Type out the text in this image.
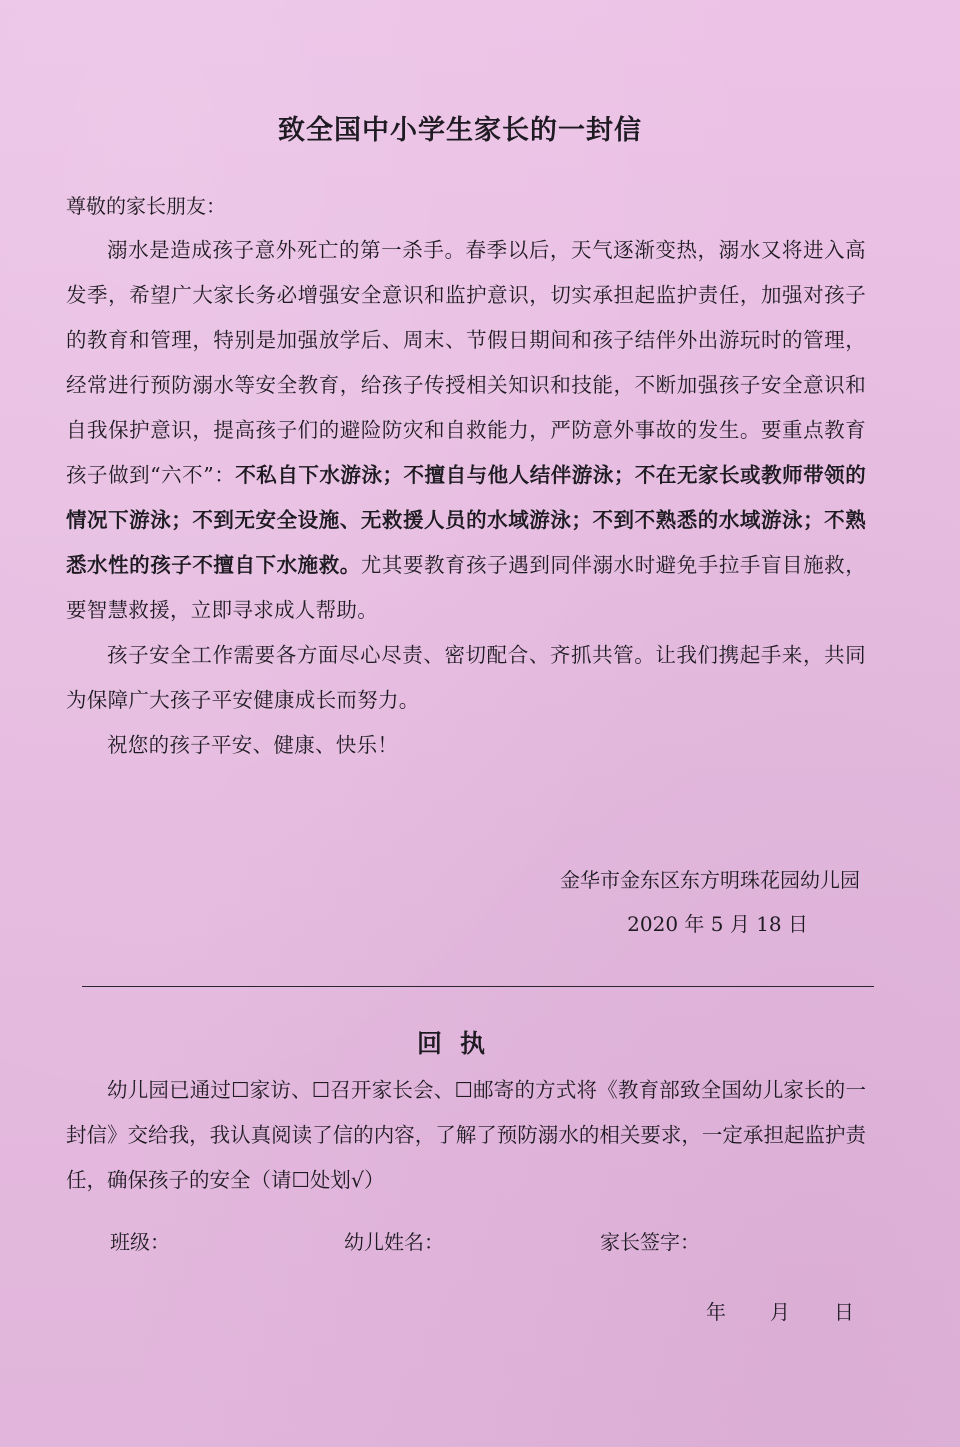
致全国中小学生家长的一封信
尊敬的家长朋友：

溺水是造成孩子意外死亡的第一杀手。春季以后，天气逐渐变热，溺水又将进入高发季，希望广大家长务必增强安全意识和监护意识，切实承担起监护责任，加强对孩子的教育和管理，特别是加强放学后、周末、节假日期间和孩子结伴外出游玩时的管理，经常进行预防溺水等安全教育，给孩子传授相关知识和技能，不断加强孩子安全意识和自我保护意识，提高孩子们的避险防灾和自救能力，严防意外事故的发生。要重点教育孩子做到“六不”：不私自下水游泳；不擅自与他人结伴游泳；不在无家长或教师带领的情况下游泳；不到无安全设施、无救援人员的水域游泳；不到不熟悉的水域游泳；不熟悉水性的孩子不擅自下水施救。尤其要教育孩子遇到同伴溺水时避免手拉手盲目施救，要智慧救援，立即寻求成人帮助。

孩子安全工作需要各方面尽心尽责、密切配合、齐抓共管。让我们携起手来，共同为保障广大孩子平安健康成长而努力。

祝您的孩子平安、健康、快乐！

金华市金东区东方明珠花园幼儿园
2020 年 5 月 18 日
回执

幼儿园已通过☐家访、☐召开家长会、☐邮寄的方式将《教育部致全国幼儿家长的一封信》交给我，我认真阅读了信的内容，了解了预防溺水的相关要求，一定承担起监护责任，确保孩子的安全（请☐处划√）

班级：	幼儿姓名：	家长签字：
年 月 日
